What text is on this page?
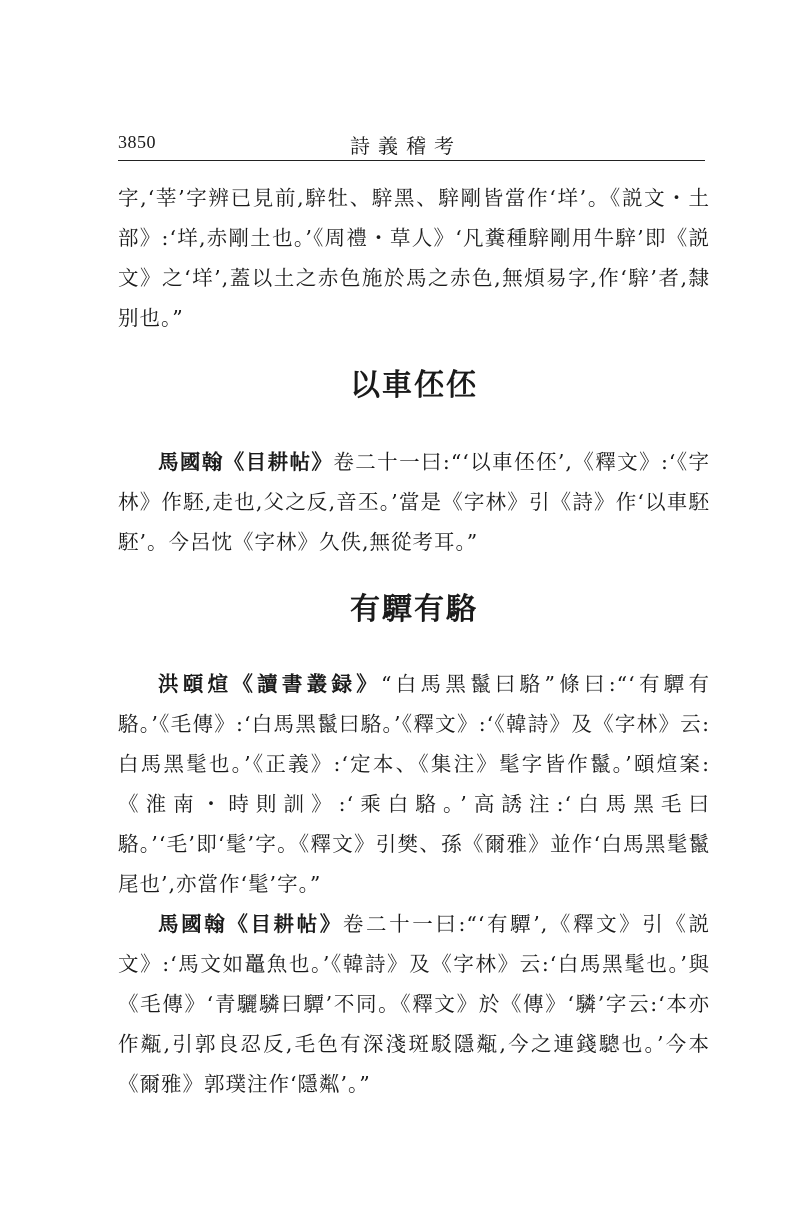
3850	詩義稽考

字,‘莘’字辨已見前,騂牡、騂黑、騂剛皆當作‘垟’。《説文・土部》:‘垟,赤剛土也。’《周禮・草人》‘凡糞種騂剛用牛騂’即《説文》之‘垟’,蓋以土之赤色施於馬之赤色,無煩易字,作‘騂’者,隸别也。”

以車伾伾

馬國翰《目耕帖》卷二十一曰:“‘以車伾伾’,《釋文》:‘《字林》作駓,走也,父之反,音丕。’當是《字林》引《詩》作‘以車駓駓’。今呂忱《字林》久佚,無從考耳。”

有驔有駱

洪頤煊《讀書叢録》“白馬黑鬣曰駱”條曰:“‘有驔有駱。’《毛傳》:‘白馬黑鬣曰駱。’《釋文》:‘《韓詩》及《字林》云:白馬黑髦也。’《正義》:‘定本、《集注》髦字皆作鬣。’頤煊案:《淮南・時則訓》:‘乘白駱。’高誘注:‘白馬黑毛曰駱。’‘毛’即‘髦’字。《釋文》引樊、孫《爾雅》並作‘白馬黑髦鬣尾也’,亦當作‘髦’字。”

馬國翰《目耕帖》卷二十一曰:“‘有驔’,《釋文》引《説文》:‘馬文如鼉魚也。’《韓詩》及《字林》云:‘白馬黑髦也。’與《毛傳》‘青驪驎曰驔’不同。《釋文》於《傳》‘驎’字云:‘本亦作甐,引郭良忍反,毛色有深淺斑駁隱甐,今之連錢驄也。’今本《爾雅》郭璞注作‘隱粼’。”
